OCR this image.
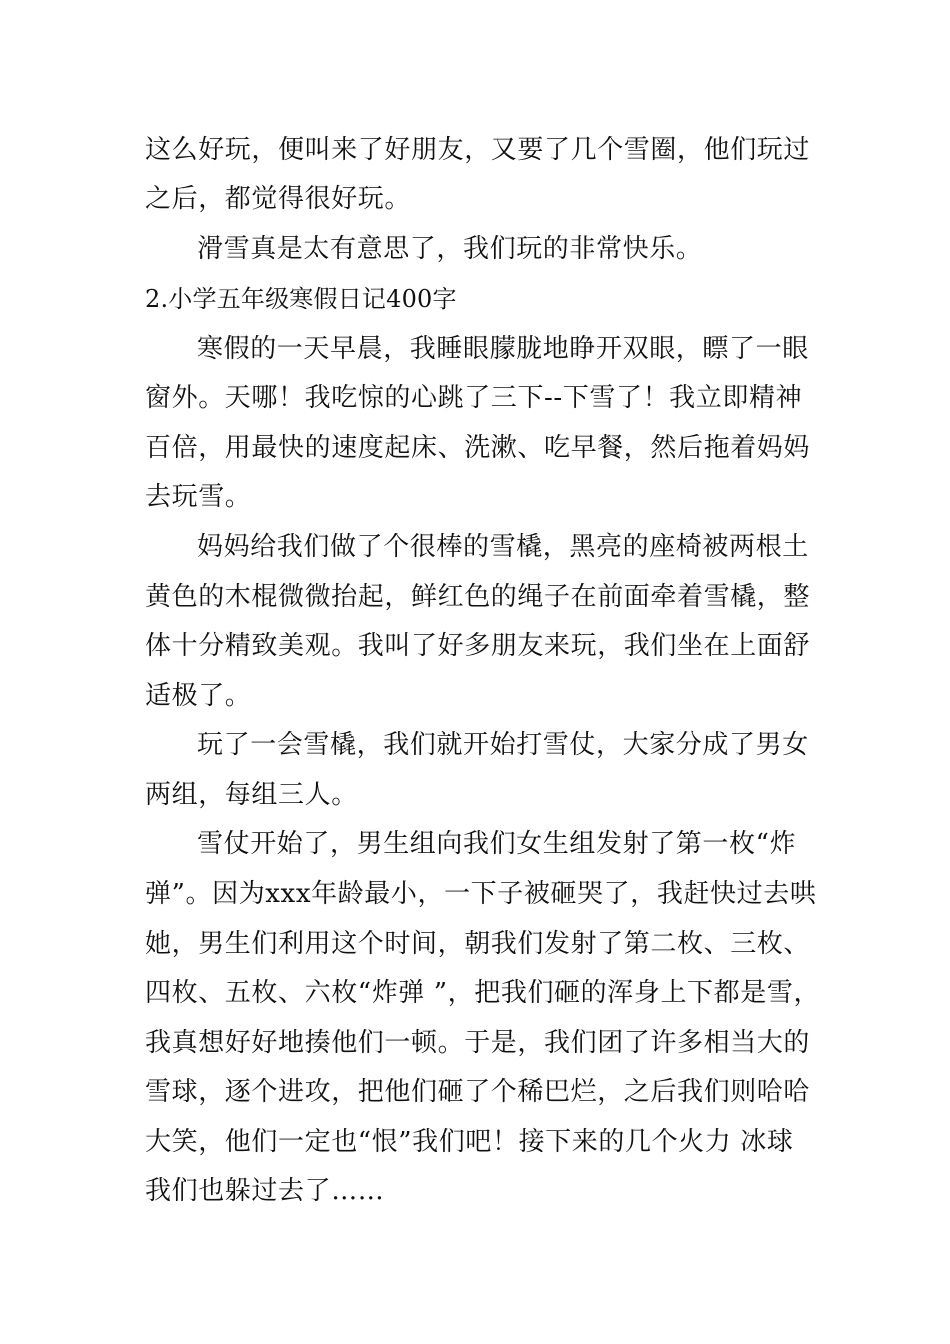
这么好玩，便叫来了好朋友，又要了几个雪圈，他们玩过
之后，都觉得很好玩。
滑雪真是太有意思了，我们玩的非常快乐。
2.小学五年级寒假日记400字
寒假的一天早晨，我睡眼朦胧地睁开双眼，瞟了一眼
窗外。天哪！我吃惊的心跳了三下--下雪了！我立即精神
百倍，用最快的速度起床、洗漱、吃早餐，然后拖着妈妈
去玩雪。
妈妈给我们做了个很棒的雪橇，黑亮的座椅被两根土
黄色的木棍微微抬起，鲜红色的绳子在前面牵着雪橇，整
体十分精致美观。我叫了好多朋友来玩，我们坐在上面舒
适极了。
玩了一会雪橇，我们就开始打雪仗，大家分成了男女
两组，每组三人。
雪仗开始了，男生组向我们女生组发射了第一枚“炸
弹”。因为xxx年龄最小，一下子被砸哭了，我赶快过去哄
她，男生们利用这个时间，朝我们发射了第二枚、三枚、
四枚、五枚、六枚“炸弹 ”，把我们砸的浑身上下都是雪，
我真想好好地揍他们一顿。于是，我们团了许多相当大的
雪球，逐个进攻，把他们砸了个稀巴烂，之后我们则哈哈
大笑，他们一定也“恨”我们吧！接下来的几个火力 冰球
我们也躲过去了……
